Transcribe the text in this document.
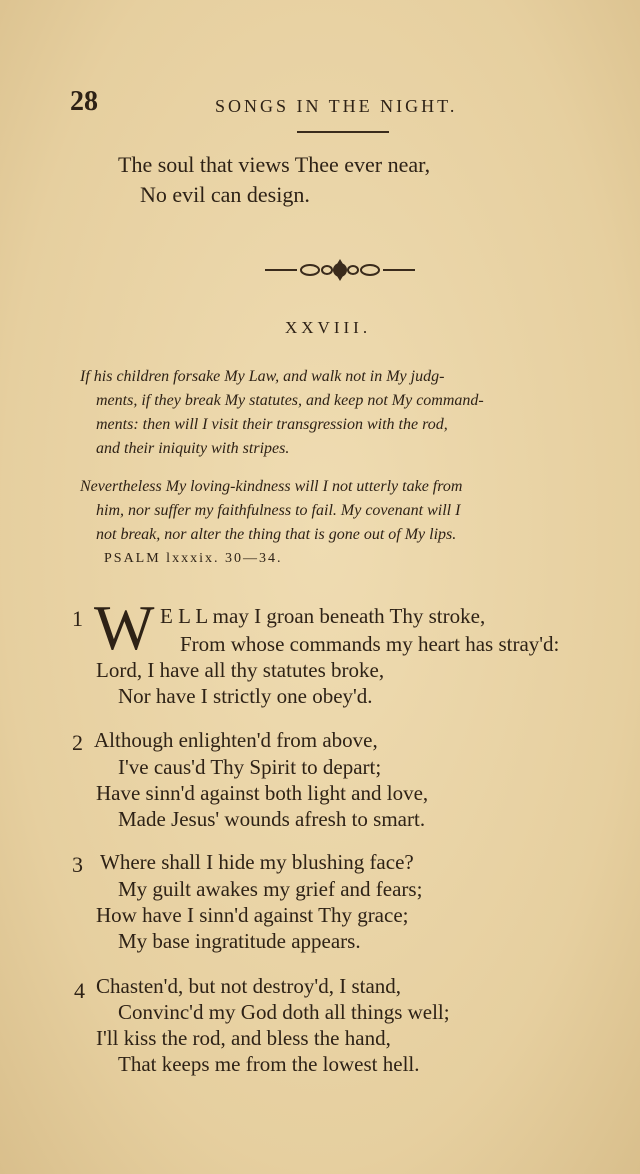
28	SONGS IN THE NIGHT.
The soul that views Thee ever near,
No evil can design.
XXVIII.
If his children forsake My Law, and walk not in My judg-
ments, if they break My statutes, and keep not My command-
ments: then will I visit their transgression with the rod,
and their iniquity with stripes.
Nevertheless My loving-kindness will I not utterly take from
him, nor suffer my faithfulness to fail. My covenant will I
not break, nor alter the thing that is gone out of My lips.
PSALM lxxxix. 30—34.
1 W E L L may I groan beneath Thy stroke,
From whose commands my heart has stray'd:
Lord, I have all thy statutes broke,
Nor have I strictly one obey'd.
2 Although enlighten'd from above,
I've caus'd Thy Spirit to depart;
Have sinn'd against both light and love,
Made Jesus' wounds afresh to smart.
3 Where shall I hide my blushing face?
My guilt awakes my grief and fears;
How have I sinn'd against Thy grace;
My base ingratitude appears.
4 Chasten'd, but not destroy'd, I stand,
Convinc'd my God doth all things well;
I'll kiss the rod, and bless the hand,
That keeps me from the lowest hell.
